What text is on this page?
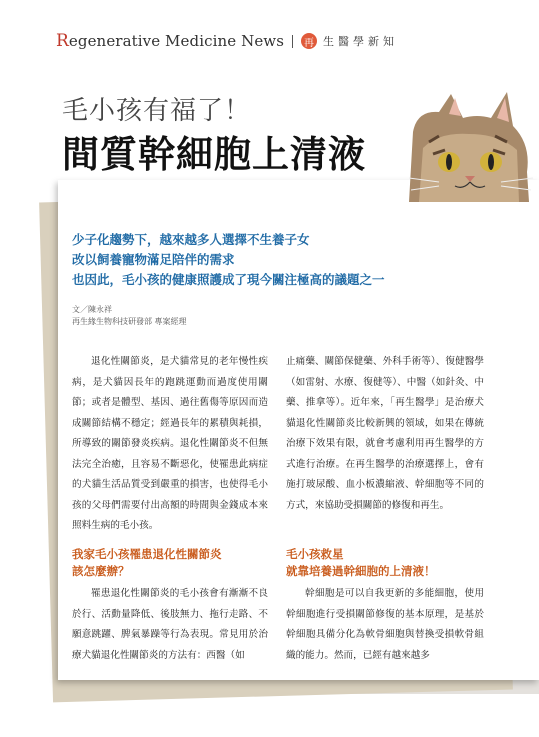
Regenerative Medicine News	再 生醫學新知
毛小孩有福了！
間質幹細胞上清液
少子化趨勢下，越來越多人選擇不生養子女
改以飼養寵物滿足陪伴的需求
也因此，毛小孩的健康照護成了現今關注極高的議題之一
文／陳永祥
再生緣生物科技研發部 專案經理

退化性關節炎，是犬貓常見的老年慢性疾病，是犬貓因長年的跑跳運動而過度使用關節；或者是體型、基因、過往舊傷等原因而造成關節結構不穩定；經過長年的累積與耗損，所導致的關節發炎疾病。退化性關節炎不但無法完全治癒，且容易不斷惡化，使罹患此病症的犬貓生活品質受到嚴重的損害，也使得毛小孩的父母們需要付出高額的時間與金錢成本來照料生病的毛小孩。

止痛藥、關節保健藥、外科手術等）、復健醫學（如雷射、水療、復健等）、中醫（如針灸、中藥、推拿等）。近年來，「再生醫學」是治療犬貓退化性關節炎比較新興的領域，如果在傳統治療下效果有限，就會考慮利用再生醫學的方式進行治療。在再生醫學的治療選擇上，會有施打玻尿酸、血小板濃縮液、幹細胞等不同的方式，來協助受損關節的修復和再生。

我家毛小孩罹患退化性關節炎
該怎麼辦？
毛小孩救星
就靠培養過幹細胞的上清液！

罹患退化性關節炎的毛小孩會有漸漸不良於行、活動量降低、後肢無力、拖行走路、不願意跳躍、脾氣暴躁等行為表現。常見用於治療犬貓退化性關節炎的方法有：西醫（如

幹細胞是可以自我更新的多能細胞，使用幹細胞進行受損關節修復的基本原理，是基於幹細胞具備分化為軟骨細胞與替換受損軟骨組織的能力。然而，已經有越來越多
